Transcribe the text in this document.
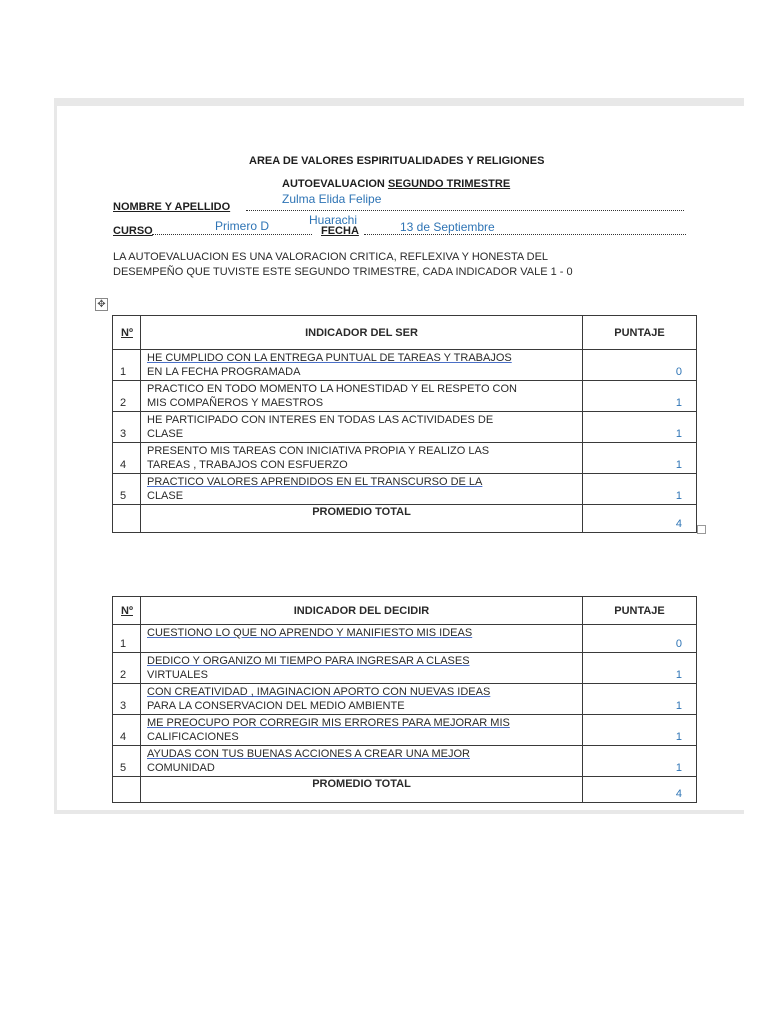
AREA DE VALORES ESPIRITUALIDADES Y RELIGIONES
AUTOEVALUACION SEGUNDO TRIMESTRE
NOMBRE Y APELLIDO
Zulma Elida Felipe
Huarachi
CURSO	Primero D	FECHA	13 de Septiembre

LA AUTOEVALUACION ES UNA VALORACION CRITICA, REFLEXIVA Y HONESTA DEL

DESEMPEÑO QUE TUVISTE ESTE SEGUNDO TRIMESTRE, CADA INDICADOR VALE 1 - 0

✥
Nº	INDICADOR DEL SER	PUNTAJE
1	HE CUMPLIDO CON LA ENTREGA PUNTUAL DE TAREAS Y TRABAJOS
EN LA FECHA PROGRAMADA	0
2	PRACTICO EN TODO MOMENTO LA HONESTIDAD Y EL RESPETO CON
MIS COMPAÑEROS Y MAESTROS	1
3	HE PARTICIPADO CON INTERES EN TODAS LAS ACTIVIDADES DE
CLASE	1
4	PRESENTO MIS TAREAS CON INICIATIVA PROPIA Y REALIZO LAS
TAREAS , TRABAJOS CON ESFUERZO	1
5	PRACTICO VALORES APRENDIDOS EN EL TRANSCURSO DE LA
CLASE	1
	PROMEDIO TOTAL	4
Nº	INDICADOR DEL DECIDIR	PUNTAJE
1	CUESTIONO LO QUE NO APRENDO Y MANIFIESTO MIS IDEAS	0
2	DEDICO Y ORGANIZO MI TIEMPO PARA INGRESAR A CLASES
VIRTUALES	1
3	CON CREATIVIDAD , IMAGINACION APORTO CON NUEVAS IDEAS
PARA LA CONSERVACION DEL MEDIO AMBIENTE	1
4	ME PREOCUPO POR CORREGIR MIS ERRORES PARA MEJORAR MIS
CALIFICACIONES	1
5	AYUDAS CON TUS BUENAS ACCIONES A CREAR UNA MEJOR
COMUNIDAD	1
	PROMEDIO TOTAL	4
